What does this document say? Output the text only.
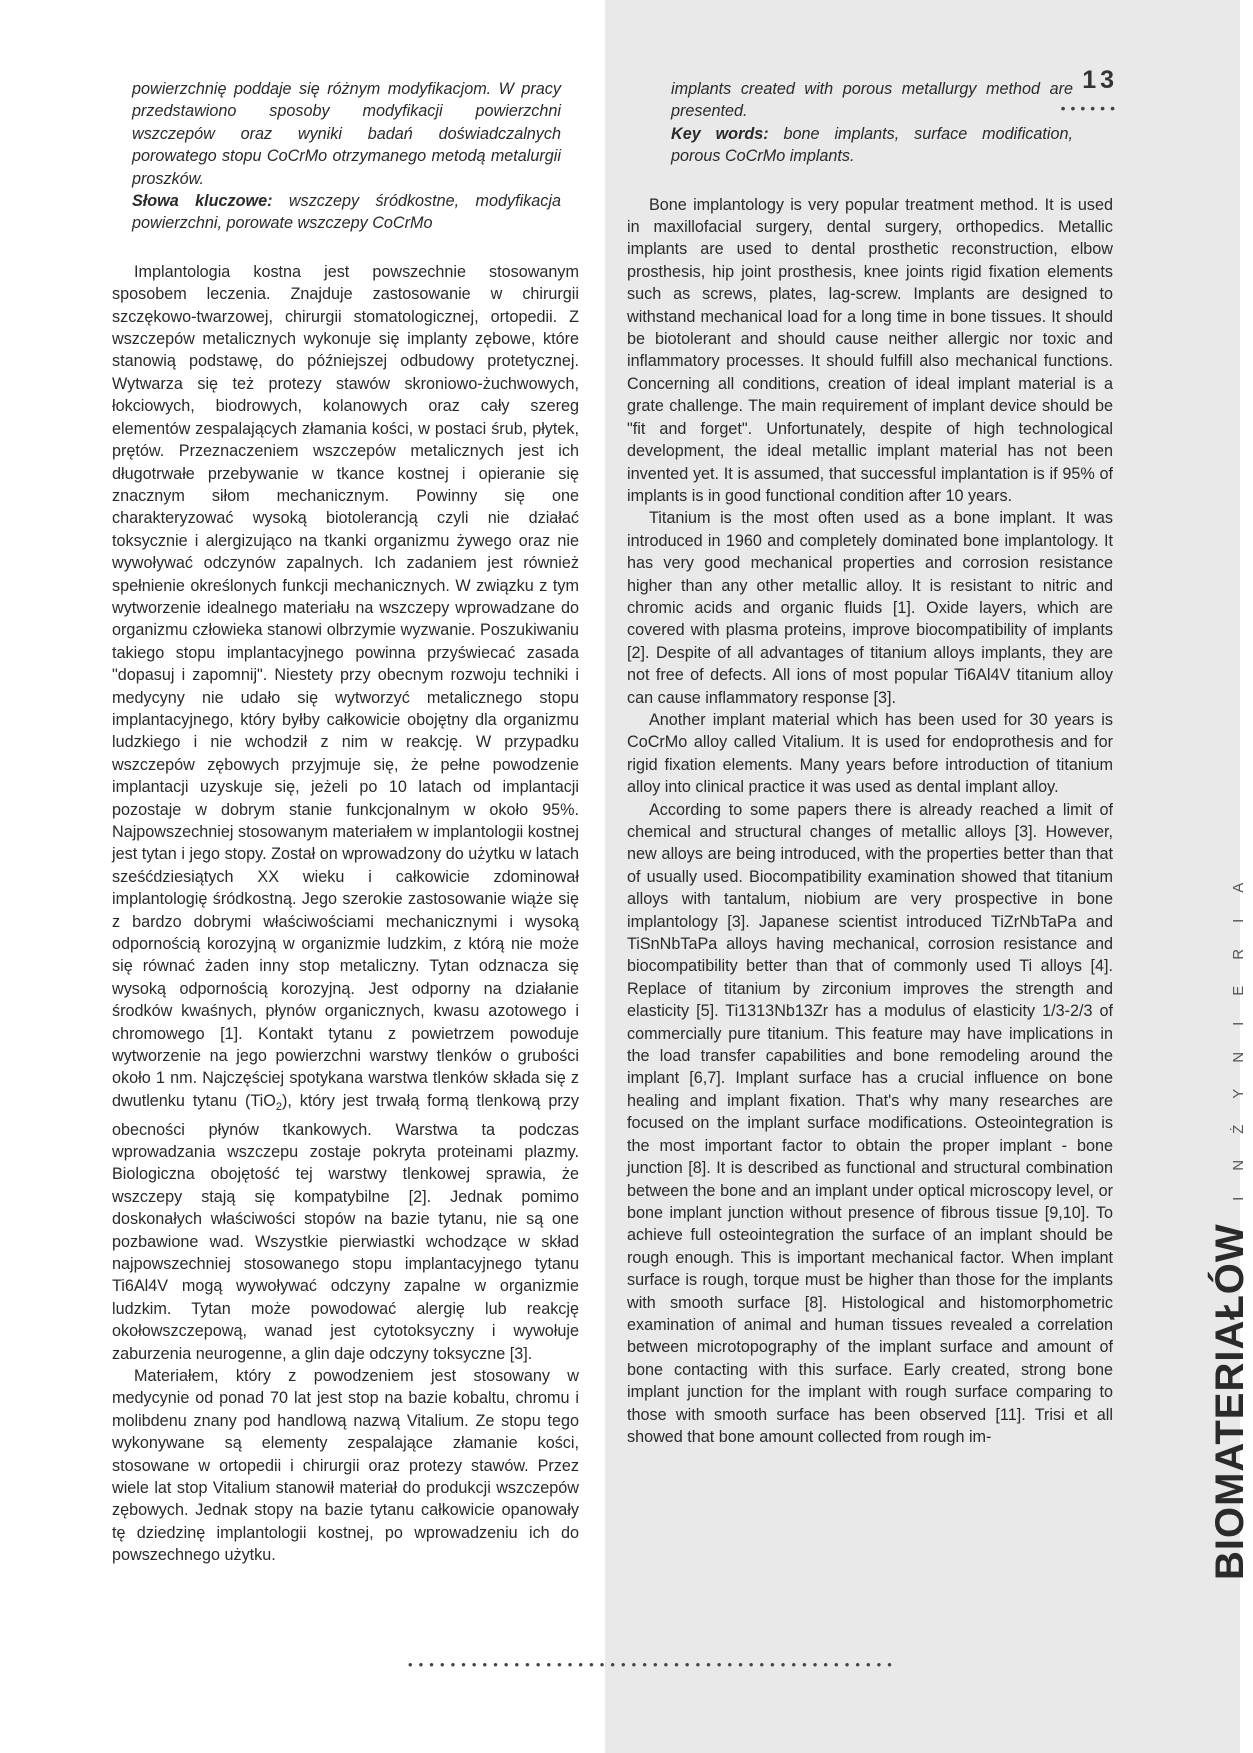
13
••••••

powierzchnię poddaje się różnym modyfikacjom. W pracy przedstawiono sposoby modyfikacji powierzchni wszczepów oraz wyniki badań doświadczalnych porowatego stopu CoCrMo otrzymanego metodą metalurgii proszków.

Słowa kluczowe: wszczepy śródkostne, modyfikacja powierzchni, porowate wszczepy CoCrMo

Implantologia kostna jest powszechnie stosowanym sposobem leczenia. Znajduje zastosowanie w chirurgii szczękowo-twarzowej, chirurgii stomatologicznej, ortopedii. Z wszczepów metalicznych wykonuje się implanty zębowe, które stanowią podstawę, do późniejszej odbudowy protetycznej. Wytwarza się też protezy stawów skroniowo-żuchwowych, łokciowych, biodrowych, kolanowych oraz cały szereg elementów zespalających złamania kości, w postaci śrub, płytek, prętów. Przeznaczeniem wszczepów metalicznych jest ich długotrwałe przebywanie w tkance kostnej i opieranie się znacznym siłom mechanicznym. Powinny się one charakteryzować wysoką biotolerancją czyli nie działać toksycznie i alergizująco na tkanki organizmu żywego oraz nie wywoływać odczynów zapalnych. Ich zadaniem jest również spełnienie określonych funkcji mechanicznych. W związku z tym wytworzenie idealnego materiału na wszczepy wprowadzane do organizmu człowieka stanowi olbrzymie wyzwanie. Poszukiwaniu takiego stopu implantacyjnego powinna przyświecać zasada "dopasuj i zapomnij". Niestety przy obecnym rozwoju techniki i medycyny nie udało się wytworzyć metalicznego stopu implantacyjnego, który byłby całkowicie obojętny dla organizmu ludzkiego i nie wchodził z nim w reakcję. W przypadku wszczepów zębowych przyjmuje się, że pełne powodzenie implantacji uzyskuje się, jeżeli po 10 latach od implantacji pozostaje w dobrym stanie funkcjonalnym w około 95%. Najpowszechniej stosowanym materiałem w implantologii kostnej jest tytan i jego stopy. Został on wprowadzony do użytku w latach sześćdziesiątych XX wieku i całkowicie zdominował implantologię śródkostną. Jego szerokie zastosowanie wiąże się z bardzo dobrymi właściwościami mechanicznymi i wysoką odpornością korozyjną w organizmie ludzkim, z którą nie może się równać żaden inny stop metaliczny. Tytan odznacza się wysoką odpornością korozyjną. Jest odporny na działanie środków kwaśnych, płynów organicznych, kwasu azotowego i chromowego [1]. Kontakt tytanu z powietrzem powoduje wytworzenie na jego powierzchni warstwy tlenków o grubości około 1 nm. Najczęściej spotykana warstwa tlenków składa się z dwutlenku tytanu (TiO$_2$), który jest trwałą formą tlenkową przy obecności płynów tkankowych. Warstwa ta podczas wprowadzania wszczepu zostaje pokryta proteinami plazmy. Biologiczna obojętość tej warstwy tlenkowej sprawia, że wszczepy stają się kompatybilne [2]. Jednak pomimo doskonałych właściwości stopów na bazie tytanu, nie są one pozbawione wad. Wszystkie pierwiastki wchodzące w skład najpowszechniej stosowanego stopu implantacyjnego tytanu Ti6Al4V mogą wywoływać odczyny zapalne w organizmie ludzkim. Tytan może powodować alergię lub reakcję okołowszczepową, wanad jest cytotoksyczny i wywołuje zaburzenia neurogenne, a glin daje odczyny toksyczne [3].

Materiałem, który z powodzeniem jest stosowany w medycynie od ponad 70 lat jest stop na bazie kobaltu, chromu i molibdenu znany pod handlową nazwą Vitalium. Ze stopu tego wykonywane są elementy zespalające złamanie kości, stosowane w ortopedii i chirurgii oraz protezy stawów. Przez wiele lat stop Vitalium stanowił materiał do produkcji wszczepów zębowych. Jednak stopy na bazie tytanu całkowicie opanowały tę dziedzinę implantologii kostnej, po wprowadzeniu ich do powszechnego użytku.

implants created with porous metallurgy method are presented.

Key words: bone implants, surface modification, porous CoCrMo implants.

Bone implantology is very popular treatment method. It is used in maxillofacial surgery, dental surgery, orthopedics. Metallic implants are used to dental prosthetic reconstruction, elbow prosthesis, hip joint prosthesis, knee joints rigid fixation elements such as screws, plates, lag-screw. Implants are designed to withstand mechanical load for a long time in bone tissues. It should be biotolerant and should cause neither allergic nor toxic and inflammatory processes. It should fulfill also mechanical functions. Concerning all conditions, creation of ideal implant material is a grate challenge. The main requirement of implant device should be "fit and forget". Unfortunately, despite of high technological development, the ideal metallic implant material has not been invented yet. It is assumed, that successful implantation is if 95% of implants is in good functional condition after 10 years.

Titanium is the most often used as a bone implant. It was introduced in 1960 and completely dominated bone implantology. It has very good mechanical properties and corrosion resistance higher than any other metallic alloy. It is resistant to nitric and chromic acids and organic fluids [1]. Oxide layers, which are covered with plasma proteins, improve biocompatibility of implants [2]. Despite of all advantages of titanium alloys implants, they are not free of defects. All ions of most popular Ti6Al4V titanium alloy can cause inflammatory response [3].

Another implant material which has been used for 30 years is CoCrMo alloy called Vitalium. It is used for endoprothesis and for rigid fixation elements. Many years before introduction of titanium alloy into clinical practice it was used as dental implant alloy.

According to some papers there is already reached a limit of chemical and structural changes of metallic alloys [3]. However, new alloys are being introduced, with the properties better than that of usually used. Biocompatibility examination showed that titanium alloys with tantalum, niobium are very prospective in bone implantology [3]. Japanese scientist introduced TiZrNbTaPa and TiSnNbTaPa alloys having mechanical, corrosion resistance and biocompatibility better than that of commonly used Ti alloys [4]. Replace of titanium by zirconium improves the strength and elasticity [5]. Ti1313Nb13Zr has a modulus of elasticity 1/3-2/3 of commercially pure titanium. This feature may have implications in the load transfer capabilities and bone remodeling around the implant [6,7]. Implant surface has a crucial influence on bone healing and implant fixation. That's why many researches are focused on the implant surface modifications. Osteointegration is the most important factor to obtain the proper implant - bone junction [8]. It is described as functional and structural combination between the bone and an implant under optical microscopy level, or bone implant junction without presence of fibrous tissue [9,10]. To achieve full osteointegration the surface of an implant should be rough enough. This is important mechanical factor. When implant surface is rough, torque must be higher than those for the implants with smooth surface [8]. Histological and histomorphometric examination of animal and human tissues revealed a correlation between microtopography of the implant surface and amount of bone contacting with this surface. Early created, strong bone implant junction for the implant with rough surface comparing to those with smooth surface has been observed [11]. Trisi et all showed that bone amount collected from rough im-

••••••••••••••••••••••••••••••••••••••••••••••
BIOMATERIAŁÓW INŻYNIERIA
